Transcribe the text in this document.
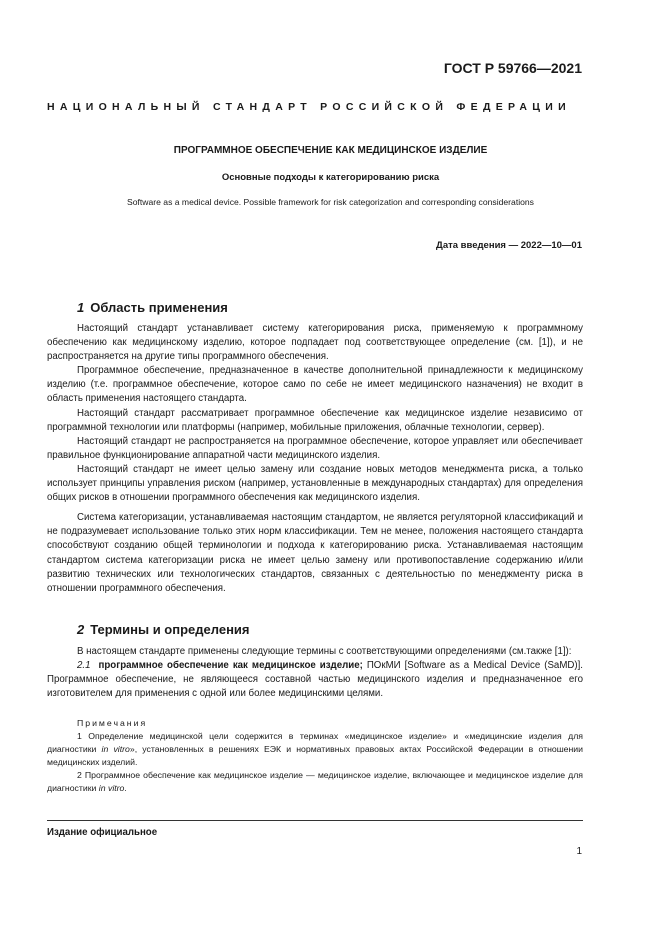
ГОСТ Р 59766—2021
НАЦИОНАЛЬНЫЙ СТАНДАРТ РОССИЙСКОЙ ФЕДЕРАЦИИ
ПРОГРАММНОЕ ОБЕСПЕЧЕНИЕ КАК МЕДИЦИНСКОЕ ИЗДЕЛИЕ
Основные подходы к категорированию риска
Software as a medical device. Possible framework for risk categorization and corresponding considerations
Дата введения — 2022—10—01
1 Область применения

Настоящий стандарт устанавливает систему категорирования риска, применяемую к программному обеспечению как медицинскому изделию, которое подпадает под соответствующее определение (см. [1]), и не распространяется на другие типы программного обеспечения.

Программное обеспечение, предназначенное в качестве дополнительной принадлежности к медицинскому изделию (т.е. программное обеспечение, которое само по себе не имеет медицинского назначения) не входит в область применения настоящего стандарта.

Настоящий стандарт рассматривает программное обеспечение как медицинское изделие независимо от программной технологии или платформы (например, мобильные приложения, облачные технологии, сервер).

Настоящий стандарт не распространяется на программное обеспечение, которое управляет или обеспечивает правильное функционирование аппаратной части медицинского изделия.

Настоящий стандарт не имеет целью замену или создание новых методов менеджмента риска, а только использует принципы управления риском (например, установленные в международных стандартах) для определения общих рисков в отношении программного обеспечения как медицинского изделия.

Система категоризации, устанавливаемая настоящим стандартом, не является регуляторной классификаций и не подразумевает использование только этих норм классификации. Тем не менее, положения настоящего стандарта способствуют созданию общей терминологии и подхода к категорированию риска. Устанавливаемая настоящим стандартом система категоризации риска не имеет целью замену или противопоставление содержанию и/или развитию технических или технологических стандартов, связанных с деятельностью по менеджменту риска в отношении программного обеспечения.

2 Термины и определения

В настоящем стандарте применены следующие термины с соответствующими определениями (см.также [1]):

2.1 программное обеспечение как медицинское изделие; ПОкМИ [Software as a Medical Device (SaMD)]. Программное обеспечение, не являющееся составной частью медицинского изделия и предназначенное его изготовителем для применения с одной или более медицинскими целями.

Примечания

1 Определение медицинской цели содержится в терминах «медицинское изделие» и «медицинские изделия для диагностики in vitro», установленных в решениях ЕЭК и нормативных правовых актах Российской Федерации в отношении медицинских изделий.

2 Программное обеспечение как медицинское изделие — медицинское изделие, включающее и медицинское изделие для диагностики in vitro.

Издание официальное
1
